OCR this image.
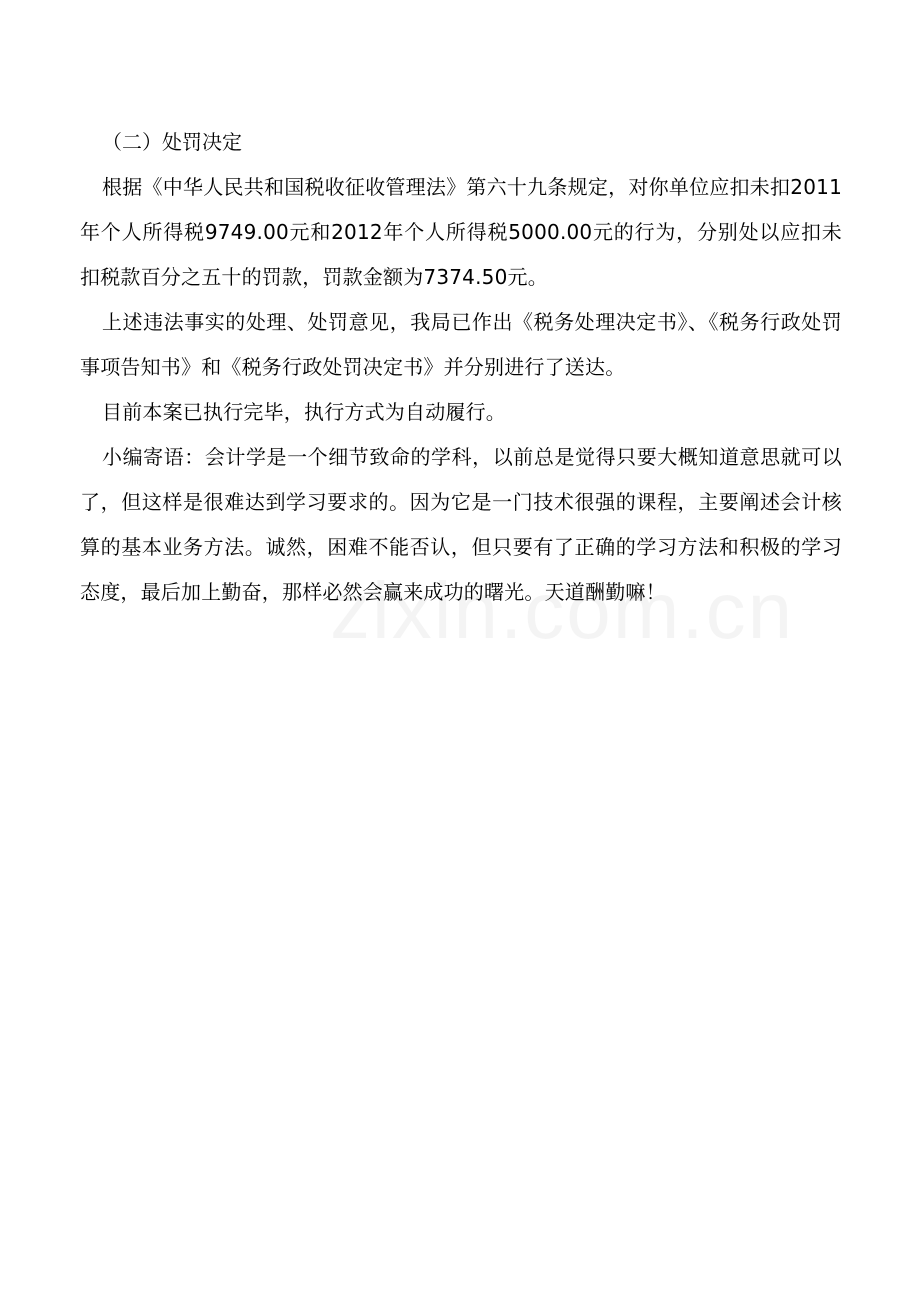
（二）处罚决定

根据《中华人民共和国税收征收管理法》第六十九条规定，对你单位应扣未扣2011年个人所得税9749.00元和2012年个人所得税5000.00元的行为，分别处以应扣未扣税款百分之五十的罚款，罚款金额为7374.50元。

上述违法事实的处理、处罚意见，我局已作出《税务处理决定书》、《税务行政处罚事项告知书》和《税务行政处罚决定书》并分别进行了送达。

目前本案已执行完毕，执行方式为自动履行。

小编寄语：会计学是一个细节致命的学科，以前总是觉得只要大概知道意思就可以了，但这样是很难达到学习要求的。因为它是一门技术很强的课程，主要阐述会计核算的基本业务方法。诚然，困难不能否认，但只要有了正确的学习方法和积极的学习态度，最后加上勤奋，那样必然会赢来成功的曙光。天道酬勤嘛！
